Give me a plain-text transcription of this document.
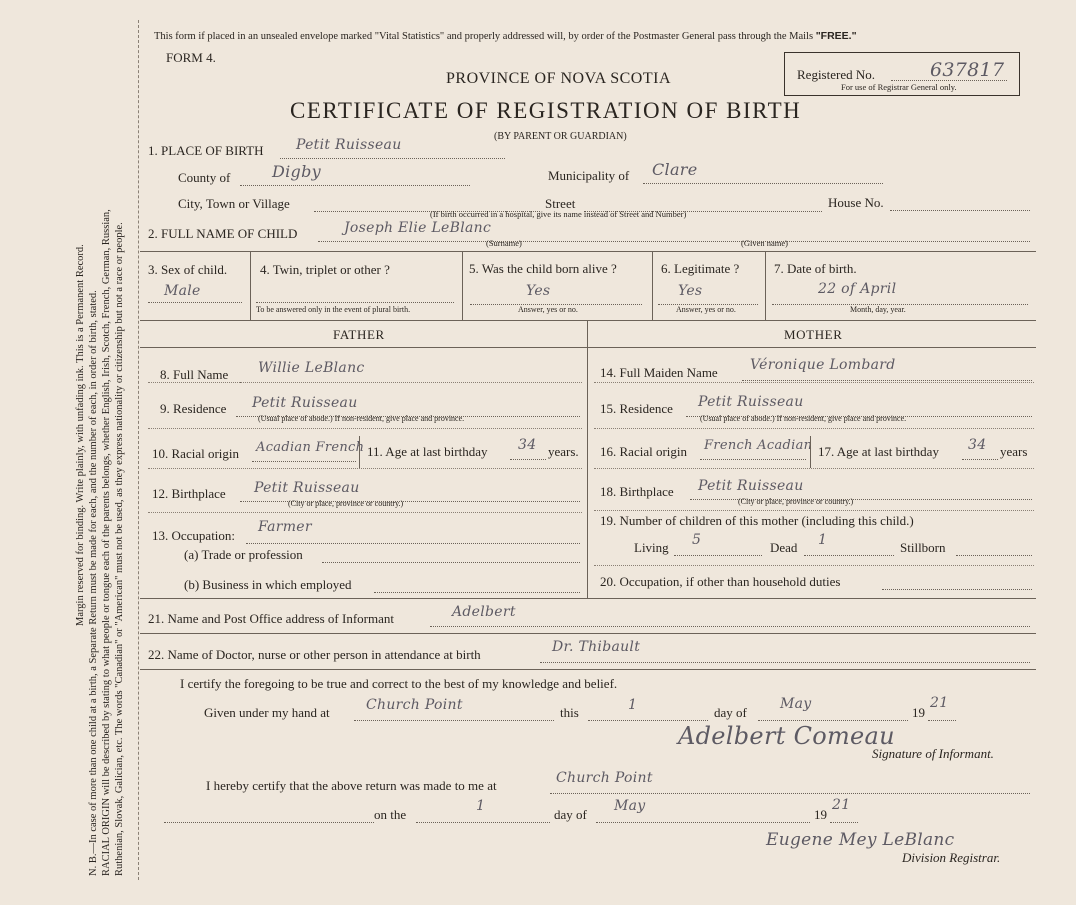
Margin reserved for binding. Write plainly, with unfading ink. This is a Permanent Record. N. B.—In case of more than one child at a birth, a Separate Return must be made for each, and the number of each, in order of birth, stated. RACIAL ORIGIN will be described by stating to what people or tongue each of the parents belongs, whether English, Irish, Scotch, French, German, Russian, Ruthenian, Slovak, Galician, etc. The words "Canadian" or "American" must not be used, as they express nationality or citizenship but not a race or people.
This form if placed in an unsealed envelope marked "Vital Statistics" and properly addressed will, by order of the Postmaster General pass through the Mails "FREE."
FORM 4.
PROVINCE OF NOVA SCOTIA
CERTIFICATE OF REGISTRATION OF BIRTH
(BY PARENT OR GUARDIAN)
Registered No.	637817
For use of Registrar General only.
1. PLACE OF BIRTH Petit Ruisseau
County of	Digby	Municipality of Clare
City, Town or Village	Street	House No.
(If birth occurred in a hospital, give its name instead of Street and Number)
2. FULL NAME OF CHILD	Joseph Elie LeBlanc
(Surname)	(Given name)
3. Sex of child.
Male
4. Twin, triplet or other ?
To be answered only in the event of plural birth.
5. Was the child born alive ?
Yes
Answer, yes or no.
6. Legitimate ?
Yes
Answer, yes or no.
7. Date of birth.
22 of April
Month, day, year.
FATHER	MOTHER
8. Full Name Willie LeBlanc
9. Residence Petit Ruisseau
(Usual place of abode.) If non-resident, give place and province.
10. Racial origin Acadian French 11. Age at last birthday 34 years.
12. Birthplace Petit Ruisseau
(City or place, province or country.)
13. Occupation:
Farmer
(a) Trade or profession
(b) Business in which employed
14. Full Maiden Name Véronique Lombard
15. Residence Petit Ruisseau
(Usual place of abode.) If non-resident, give place and province.
16. Racial origin French Acadian 17. Age at last birthday 34 years
18. Birthplace Petit Ruisseau
(City or place, province or country.)
19. Number of children of this mother (including this child.)
Living 5	Dead 1	Stillborn
20. Occupation, if other than household duties
21. Name and Post Office address of Informant	Adelbert
22. Name of Doctor, nurse or other person in attendance at birth	Dr. Thibault
I certify the foregoing to be true and correct to the best of my knowledge and belief.
Given under my hand at	Church Point	this	1	day of
May
19
21
Adelbert Comeau
Signature of Informant.
I hereby certify that the above return was made to me at	Church Point
on the
1
day of
May
19
21
Eugene Mey LeBlanc
Division Registrar.
